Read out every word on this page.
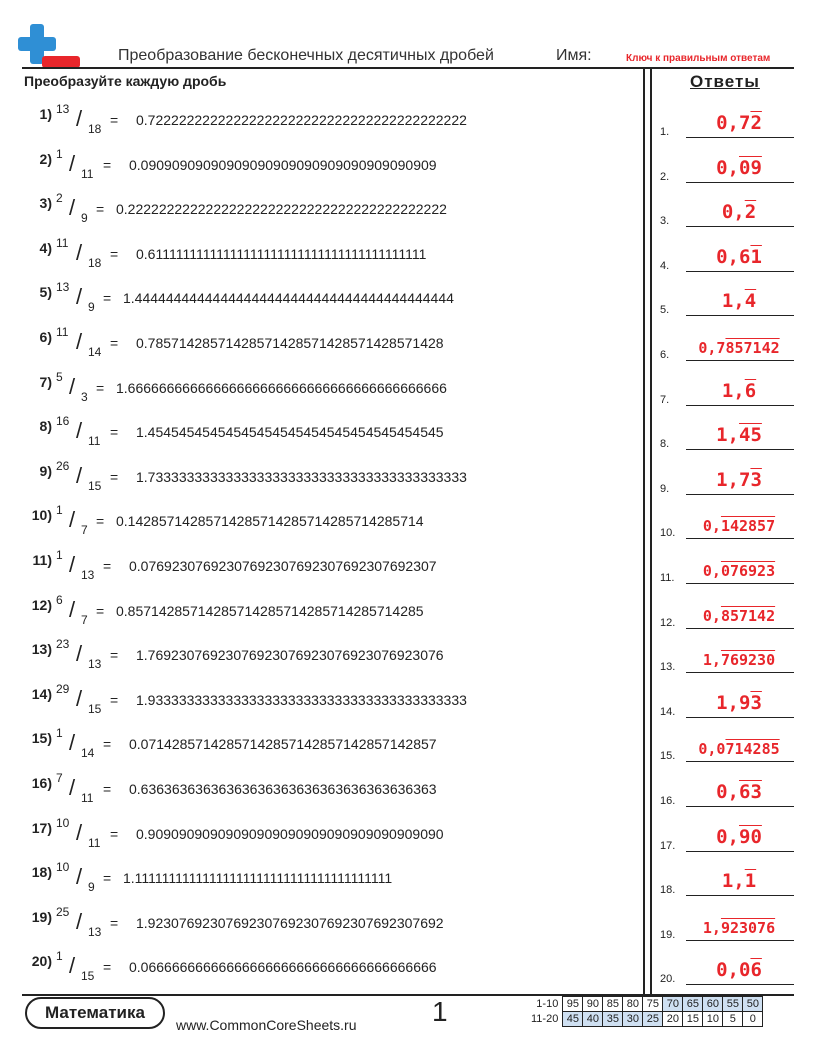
Преобразование бесконечных десятичных дробей	Имя:	Ключ к правильным ответам
Преобразуйте каждую дробь	Ответы
1) 13 / 18
= 0.72222222222222222222222222222222222222222
2) 1 / 11
= 0.09090909090909090909090909090909090909
3) 2 / 9
= 0.22222222222222222222222222222222222222222
4) 11 / 18
= 0.61111111111111111111111111111111111111111
5) 13 / 9
= 1.44444444444444444444444444444444444444444
6) 11 / 14
= 0.78571428571428571428571428571428571428
7) 5 / 3
= 1.66666666666666666666666666666666666666666
8) 16 / 11
= 1.45454545454545454545454545454545454545
9) 26 / 15
= 1.73333333333333333333333333333333333333333
10) 1 / 7
= 0.14285714285714285714285714285714285714
11) 1 / 13
= 0.07692307692307692307692307692307692307
12) 6 / 7
= 0.85714285714285714285714285714285714285
13) 23 / 13
= 1.76923076923076923076923076923076923076
14) 29 / 15
= 1.93333333333333333333333333333333333333333
15) 1 / 14
= 0.07142857142857142857142857142857142857
16) 7 / 11
= 0.63636363636363636363636363636363636363
17) 10 / 11
= 0.90909090909090909090909090909090909090
18) 10 / 9
= 1.11111111111111111111111111111111111111
19) 25 / 13
= 1.92307692307692307692307692307692307692
20) 1 / 15
= 0.06666666666666666666666666666666666666
1.	0,72
2.	0,09
3.	0,2
4.	0,61
5.	1,4
6.	0,7857142
7.	1,6
8.	1,45
9.	1,73
10.	0,142857
11.	0,076923
12.	0,857142
13.	1,769230
14.	1,93
15.	0,0714285
16.	0,63
17.	0,90
18.	1,1
19.	1,923076
20.	0,06
Математика
www.CommonCoreSheets.ru	1	1-10	95	90	85	80	75	70	65	60	55	50
11-20	45	40	35	30	25	20	15	10	5	0
